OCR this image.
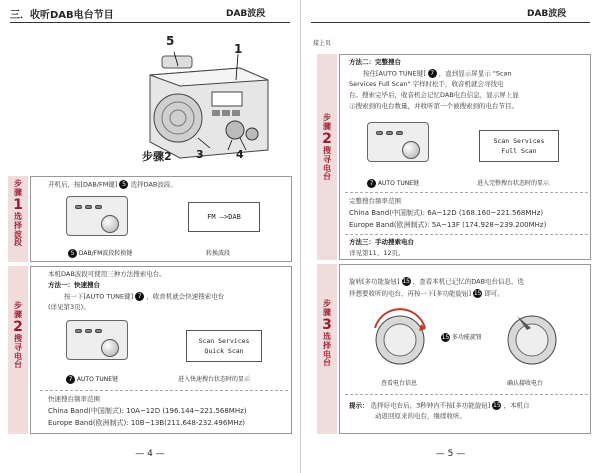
三．收听DAB电台节目	DAB波段
5
1
步骤2 3	4
步
骤
1
选
择
波
段
开机后，按[DAB/FM键] 5 选择DAB波段。
5 DAB/FM波段转换键
FM —>DAB
转换波段
步
骤
2
搜
寻
电
台
本机DAB波段可使用三种方法搜索电台。
方法一：快速搜台
按一下[AUTO TUNE键] 7 ，收音机就会快速搜索电台
(详见第3页)。
7 AUTO TUNE键
Scan Services
Quick Scan
进入快速搜台状态时的显示
快速搜台频率范围
China Band(中国制式): 10A~12D (196.144~221.568MHz)
Europe Band(欧洲制式): 10B~13B(211.648-232.496MHz)
— 4 —
DAB波段
接上页
步
骤
2
搜
寻
电
台
方法二：完整搜台
按住[AUTO TUNE键] 7 ，直到显示屏显示 "Scan
Services Full Scan" 字样时松手，收音机就会寻找电
台。搜索完毕后，收音机会记忆DAB电台信息，显示屏上显
示搜索到的电台数量，并收听第一个被搜索到的电台节目。
7 AUTO TUNE键
Scan Services
Full Scan
进入完整搜台状态时的显示
完整搜台频率范围
China Band(中国制式): 6A~12D (168.160~221.568MHz)
Europe Band(欧洲制式): 5A~13F (174.928~239.200MHz)
方法三：手动搜索电台
详见第11、12页。
步
骤
3
选
择
电
台
旋转[多功能旋钮] 15 ，查看本机已记忆的DAB电台信息，选
择想要收听的电台，再按一下[多功能旋钮] 15 即可。
15 多功能旋钮
查看电台信息	确认接收电台
提示： 选择好电台后，3秒钟内不按[多功能旋钮] 15 ，本机自
动返回原来的电台，继续收听。
— 5 —
